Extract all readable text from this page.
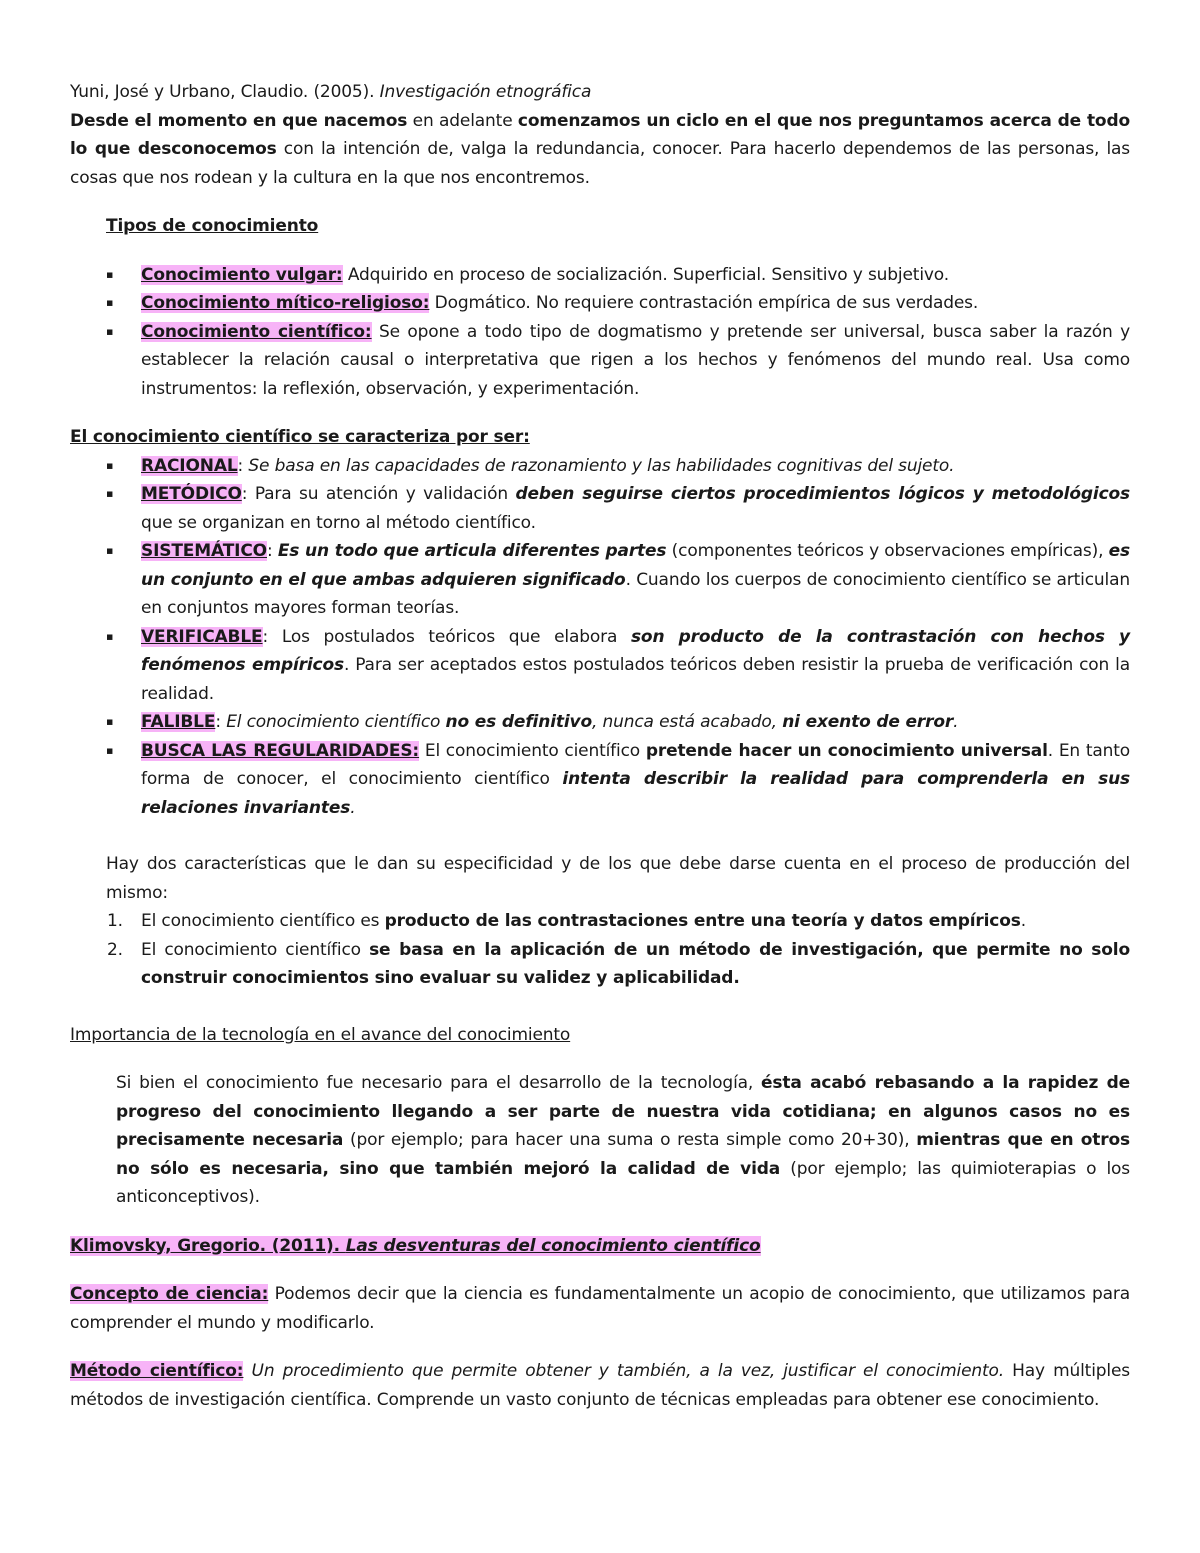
Yuni, José y Urbano, Claudio. (2005). Investigación etnográfica

Desde el momento en que nacemos en adelante comenzamos un ciclo en el que nos preguntamos acerca de todo lo que desconocemos con la intención de, valga la redundancia, conocer. Para hacerlo dependemos de las personas, las cosas que nos rodean y la cultura en la que nos encontremos.

Tipos de conocimiento

▪ Conocimiento vulgar: Adquirido en proceso de socialización. Superficial. Sensitivo y subjetivo.
▪ Conocimiento mítico-religioso: Dogmático. No requiere contrastación empírica de sus verdades.
▪ Conocimiento científico: Se opone a todo tipo de dogmatismo y pretende ser universal, busca saber la razón y establecer la relación causal o interpretativa que rigen a los hechos y fenómenos del mundo real. Usa como instrumentos: la reflexión, observación, y experimentación.

El conocimiento científico se caracteriza por ser:

▪ RACIONAL: Se basa en las capacidades de razonamiento y las habilidades cognitivas del sujeto.
▪ METÓDICO: Para su atención y validación deben seguirse ciertos procedimientos lógicos y metodológicos que se organizan en torno al método científico.
▪ SISTEMÁTICO: Es un todo que articula diferentes partes (componentes teóricos y observaciones empíricas), es un conjunto en el que ambas adquieren significado. Cuando los cuerpos de conocimiento científico se articulan en conjuntos mayores forman teorías.
▪ VERIFICABLE: Los postulados teóricos que elabora son producto de la contrastación con hechos y fenómenos empíricos. Para ser aceptados estos postulados teóricos deben resistir la prueba de verificación con la realidad.
▪ FALIBLE: El conocimiento científico no es definitivo, nunca está acabado, ni exento de error.
▪ BUSCA LAS REGULARIDADES: El conocimiento científico pretende hacer un conocimiento universal. En tanto forma de conocer, el conocimiento científico intenta describir la realidad para comprenderla en sus relaciones invariantes.

Hay dos características que le dan su especificidad y de los que debe darse cuenta en el proceso de producción del mismo:

1. El conocimiento científico es producto de las contrastaciones entre una teoría y datos empíricos.
2. El conocimiento científico se basa en la aplicación de un método de investigación, que permite no solo construir conocimientos sino evaluar su validez y aplicabilidad.

Importancia de la tecnología en el avance del conocimiento

Si bien el conocimiento fue necesario para el desarrollo de la tecnología, ésta acabó rebasando a la rapidez de progreso del conocimiento llegando a ser parte de nuestra vida cotidiana; en algunos casos no es precisamente necesaria (por ejemplo; para hacer una suma o resta simple como 20+30), mientras que en otros no sólo es necesaria, sino que también mejoró la calidad de vida (por ejemplo; las quimioterapias o los anticonceptivos).

Klimovsky, Gregorio. (2011). Las desventuras del conocimiento científico

Concepto de ciencia: Podemos decir que la ciencia es fundamentalmente un acopio de conocimiento, que utilizamos para comprender el mundo y modificarlo.

Método científico: Un procedimiento que permite obtener y también, a la vez, justificar el conocimiento. Hay múltiples métodos de investigación científica. Comprende un vasto conjunto de técnicas empleadas para obtener ese conocimiento.
